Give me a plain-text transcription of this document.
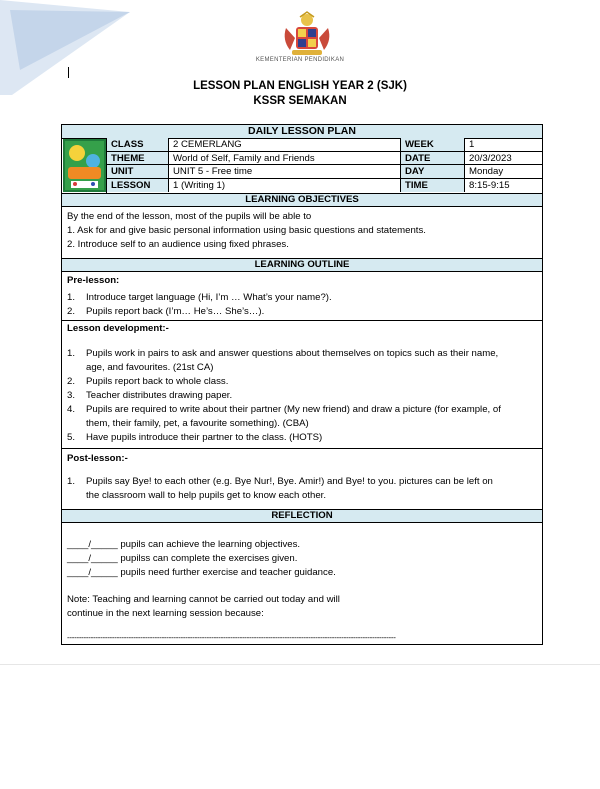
KEMENTERIAN PENDIDIKAN
LESSON PLAN ENGLISH YEAR 2 (SJK)
KSSR SEMAKAN
DAILY LESSON PLAN
CLASS	2 CEMERLANG	WEEK	1
THEME	World of Self, Family and Friends	DATE	20/3/2023
UNIT	UNIT 5 - Free time	DAY	Monday
LESSON	1 (Writing 1)	TIME	8:15-9:15
LEARNING OBJECTIVES
By the end of the lesson, most of the pupils will be able to
1. Ask for and give basic personal information using basic questions and statements.
2. Introduce self to an audience using fixed phrases.
LEARNING OUTLINE
Pre-lesson:
1. Introduce target language (Hi, I’m … What’s your name?).
2. Pupils report back (I’m… He’s… She’s…).
Lesson development:-
1. Pupils work in pairs to ask and answer questions about themselves on topics such as their name,
age, and favourites. (21st CA)
2. Pupils report back to whole class.
3. Teacher distributes drawing paper.
4. Pupils are required to write about their partner (My new friend) and draw a picture (for example, of
them, their family, pet, a favourite something). (CBA)
5. Have pupils introduce their partner to the class. (HOTS)
Post-lesson:-
1. Pupils say Bye! to each other (e.g. Bye Nur!, Bye. Amir!) and Bye! to you. pictures can be left on
the classroom wall to help pupils get to know each other.
REFLECTION
____/_____ pupils can achieve the learning objectives.
____/_____ pupilss can complete the exercises given.
____/_____ pupils need further exercise and teacher guidance.
Note: Teaching and learning cannot be carried out today and will
continue in the next learning session because:
-------------------------------------------------------------------------------------------------------------------------------------------
